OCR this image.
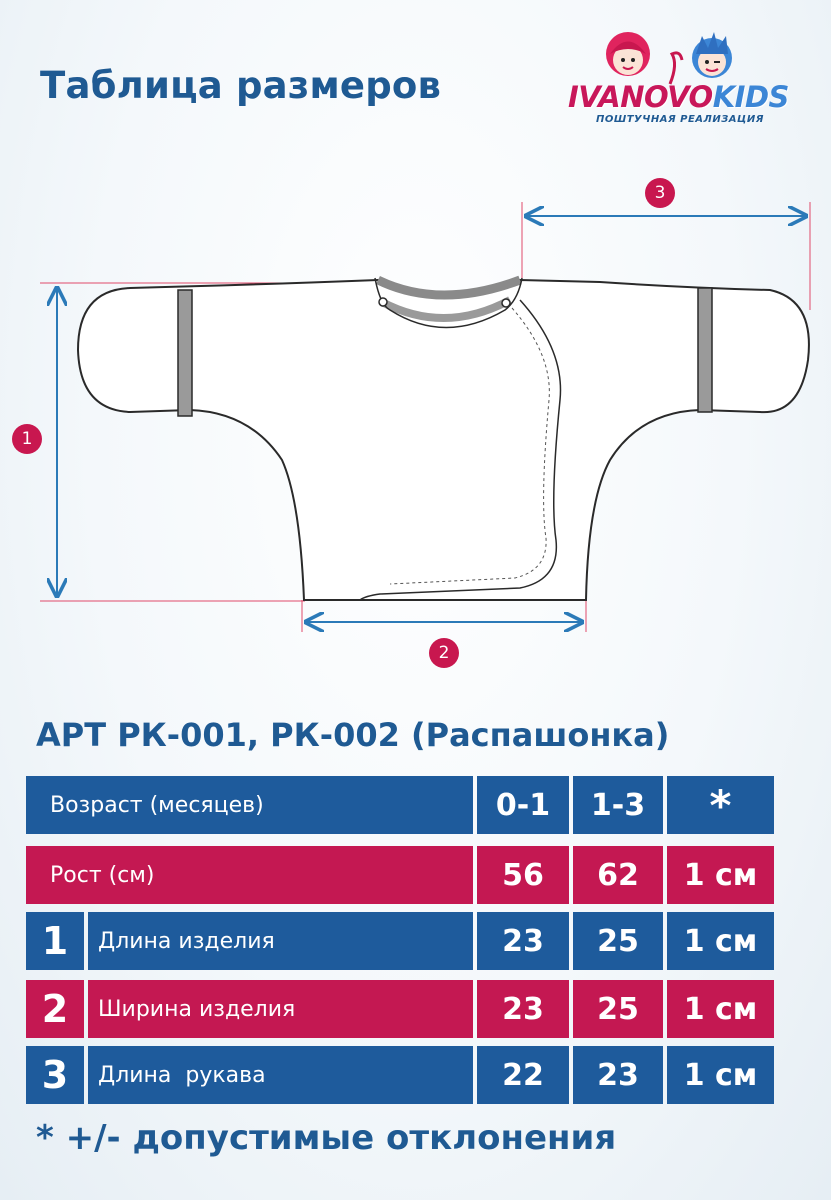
Таблица размеров	IVANOVOKIDS
ПОШТУЧНАЯ РЕАЛИЗАЦИЯ
1
2
3
АРТ РК-001, РК-002 (Распашонка)
Возраст (месяцев)	0-1	1-3	*
Рост (см)	56	62	1 см
1	Длина изделия	23	25	1 см
2	Ширина изделия	23	25	1 см
3	Длина  рукава	22	23	1 см
* +/- допустимые отклонения
